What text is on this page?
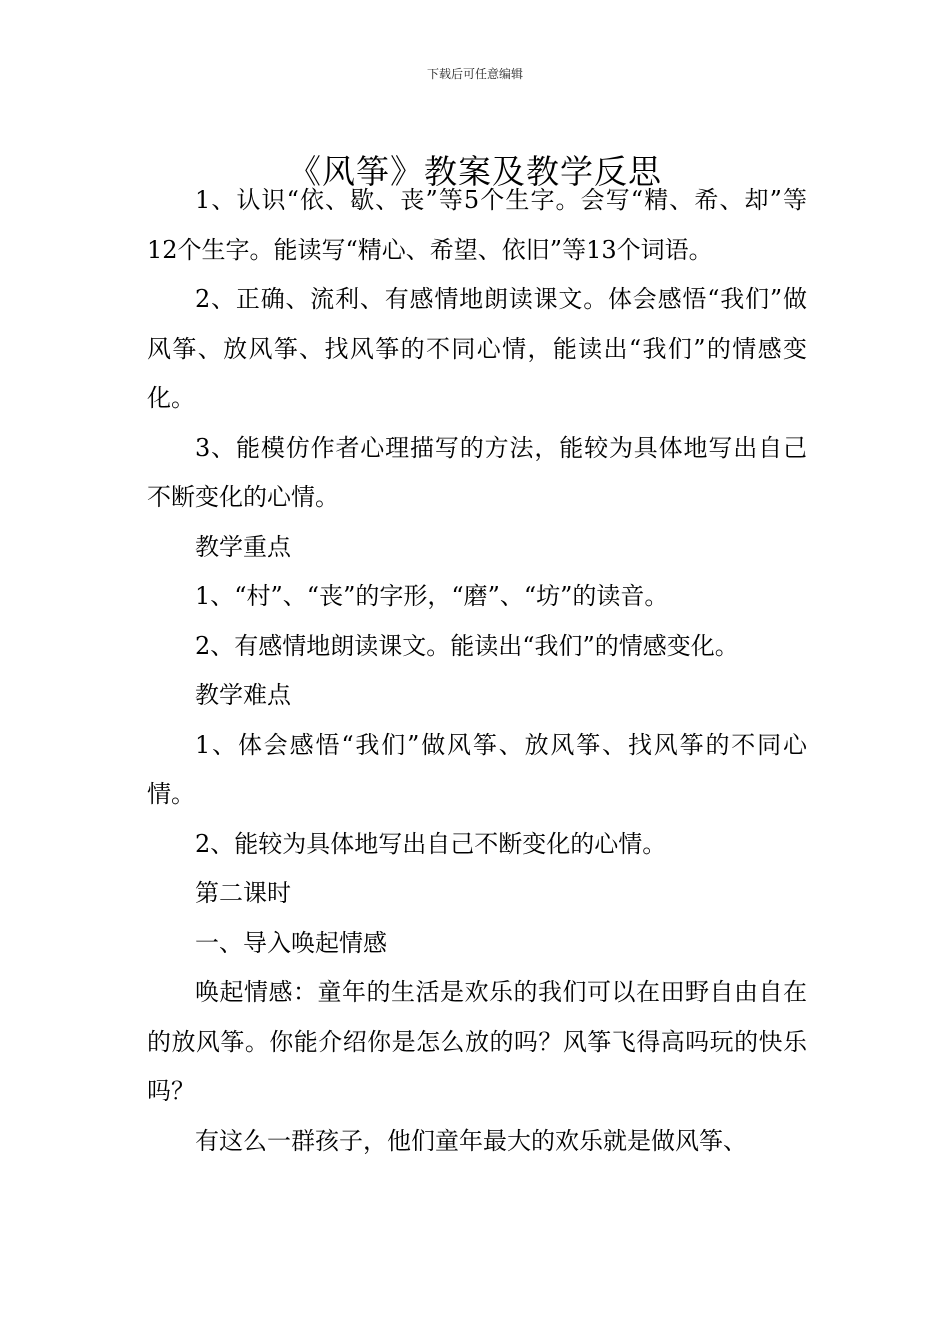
下载后可任意编辑
《风筝》教案及教学反思

1、认识“依、歇、丧”等5个生字。会写“精、希、却”等12个生字。能读写“精心、希望、依旧”等13个词语。

2、正确、流利、有感情地朗读课文。体会感悟“我们”做风筝、放风筝、找风筝的不同心情，能读出“我们”的情感变化。

3、能模仿作者心理描写的方法，能较为具体地写出自己不断变化的心情。

教学重点

1、“村”、“丧”的字形，“磨”、“坊”的读音。

2、有感情地朗读课文。能读出“我们”的情感变化。

教学难点

1、体会感悟“我们”做风筝、放风筝、找风筝的不同心情。

2、能较为具体地写出自己不断变化的心情。

第二课时

一、导入唤起情感

唤起情感：童年的生活是欢乐的我们可以在田野自由自在的放风筝。你能介绍你是怎么放的吗？风筝飞得高吗玩的快乐吗？

有这么一群孩子，他们童年最大的欢乐就是做风筝、
